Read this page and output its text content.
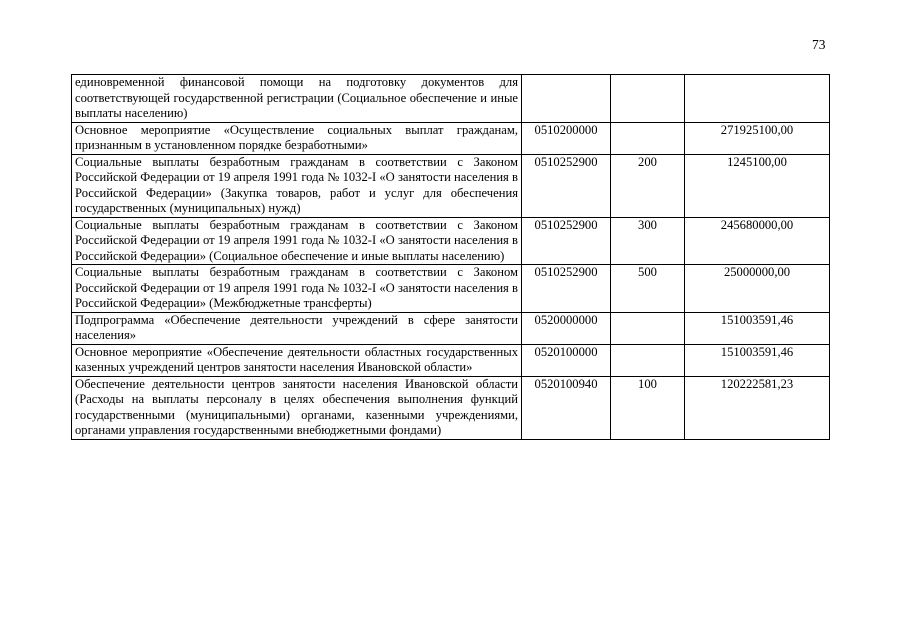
73
единовременной финансовой помощи на подготовку документов для соответствующей государственной регистрации (Социальное обеспечение и иные выплаты населению)			
Основное мероприятие «Осуществление социальных выплат гражданам, признанным в установленном порядке безработными»	0510200000		271925100,00
Социальные выплаты безработным гражданам в соответствии с Законом Российской Федерации от 19 апреля 1991 года № 1032-I «О занятости населения в Российской Федерации» (Закупка товаров, работ и услуг для обеспечения государственных (муниципальных) нужд)	0510252900	200	1245100,00
Социальные выплаты безработным гражданам в соответствии с Законом Российской Федерации от 19 апреля 1991 года № 1032-I «О занятости населения в Российской Федерации» (Социальное обеспечение и иные выплаты населению)	0510252900	300	245680000,00
Социальные выплаты безработным гражданам в соответствии с Законом Российской Федерации от 19 апреля 1991 года № 1032-I «О занятости населения в Российской Федерации» (Межбюджетные трансферты)	0510252900	500	25000000,00
Подпрограмма «Обеспечение деятельности учреждений в сфере занятости населения»	0520000000		151003591,46
Основное мероприятие «Обеспечение деятельности областных государственных казенных учреждений центров занятости населения Ивановской области»	0520100000		151003591,46
Обеспечение деятельности центров занятости населения Ивановской области (Расходы на выплаты персоналу в целях обеспечения выполнения функций государственными (муниципальными) органами, казенными учреждениями, органами управления государственными внебюджетными фондами)	0520100940	100	120222581,23
